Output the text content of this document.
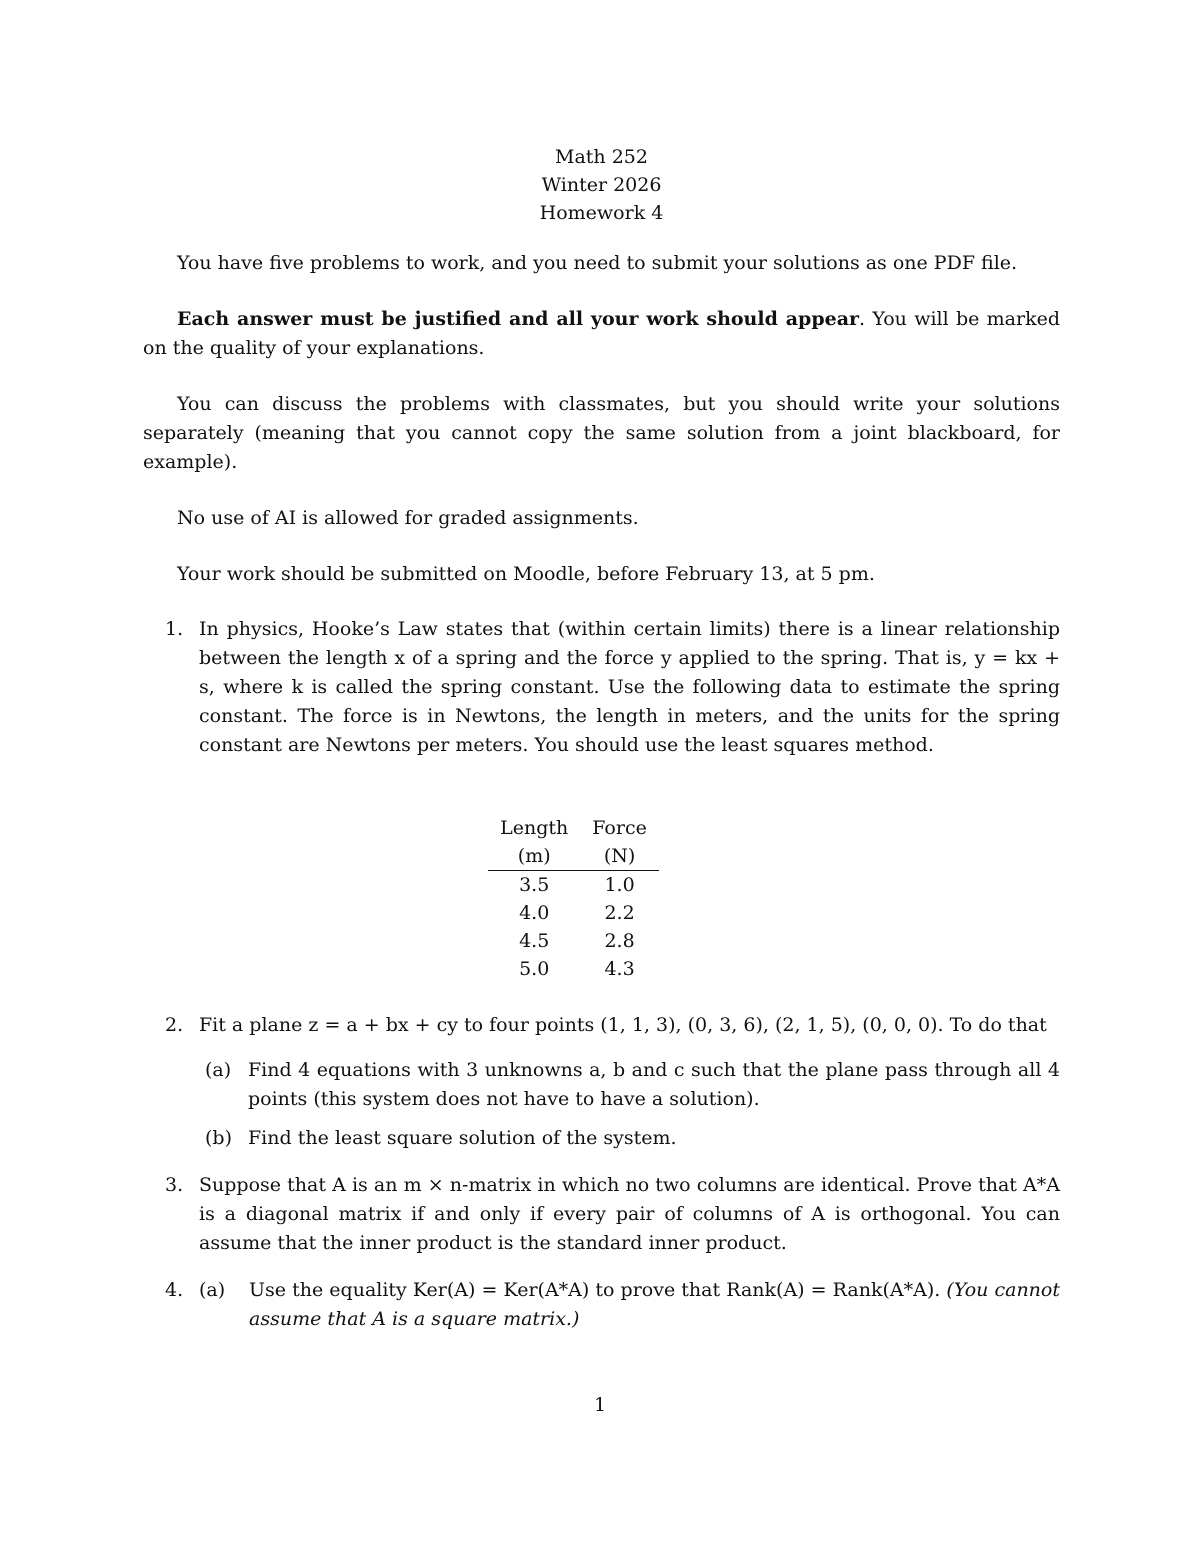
Math 252
Winter 2026
Homework 4

You have five problems to work, and you need to submit your solutions as one PDF file.

Each answer must be justified and all your work should appear. You will be marked on the quality of your explanations.

You can discuss the problems with classmates, but you should write your solutions separately (meaning that you cannot copy the same solution from a joint blackboard, for example).

No use of AI is allowed for graded assignments.

Your work should be submitted on Moodle, before February 13, at 5 pm.

1. In physics, Hooke’s Law states that (within certain limits) there is a linear relationship between the length x of a spring and the force y applied to the spring. That is, y = kx + s, where k is called the spring constant. Use the following data to estimate the spring constant. The force is in Newtons, the length in meters, and the units for the spring constant are Newtons per meters. You should use the least squares method.
Length	Force
(m)	(N)
3.5	1.0
4.0	2.2
4.5	2.8
5.0	4.3
2. Fit a plane z = a + bx + cy to four points (1, 1, 3), (0, 3, 6), (2, 1, 5), (0, 0, 0). To do that
(a) Find 4 equations with 3 unknowns a, b and c such that the plane pass through all 4 points (this system does not have to have a solution).
(b) Find the least square solution of the system.
3. Suppose that A is an m × n-matrix in which no two columns are identical. Prove that A*A is a diagonal matrix if and only if every pair of columns of A is orthogonal. You can assume that the inner product is the standard inner product.
4. (a) Use the equality Ker(A) = Ker(A*A) to prove that Rank(A) = Rank(A*A). (You cannot assume that A is a square matrix.)
1
